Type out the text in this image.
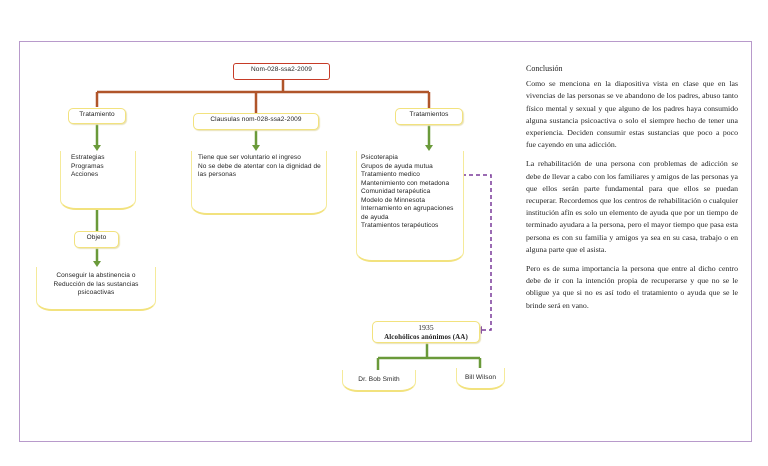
Nom-028-ssa2-2009
Tratamiento
Estrategias
Programas
Acciones
Objeto
Conseguir la abstinencia o Reducción de las sustancias psicoactivas
Clausulas nom-028-ssa2-2009
Tiene que ser voluntario el ingreso
No se debe de atentar con la dignidad de las personas
Tratamientos
Psicoterapia
Grupos de ayuda mutua
Tratamiento medico
Mantenimiento con metadona
Comunidad terapéutica
Modelo de Minnesota
Internamiento en agrupaciones de ayuda
Tratamientos terapéuticos
1935
Alcohólicos anónimos (AA)
Dr. Bob Smith	Bill Wilson
Conclusión

Como se menciona en la diapositiva vista en clase que en las vivencias de las personas se ve abandono de los padres, abuso tanto físico mental y sexual y que alguno de los padres haya consumido alguna sustancia psicoactiva o solo el siempre hecho de tener una experiencia. Deciden consumir estas sustancias que poco a poco fue cayendo en una adicción.

La rehabilitación de una persona con problemas de adicción se debe de llevar a cabo con los familiares y amigos de las personas ya que ellos serán parte fundamental para que ellos se puedan recuperar. Recordemos que los centros de rehabilitación o cualquier institución afín es solo un elemento de ayuda que por un tiempo de terminado ayudara a la persona, pero el mayor tiempo que pasa esta persona es con su familia y amigos ya sea en su casa, trabajo o en alguna parte que el asista.

Pero es de suma importancia la persona que entre al dicho centro debe de ir con la intención propia de recuperarse y que no se le obligue ya que si no es así todo el tratamiento o ayuda que se le brinde será en vano.
